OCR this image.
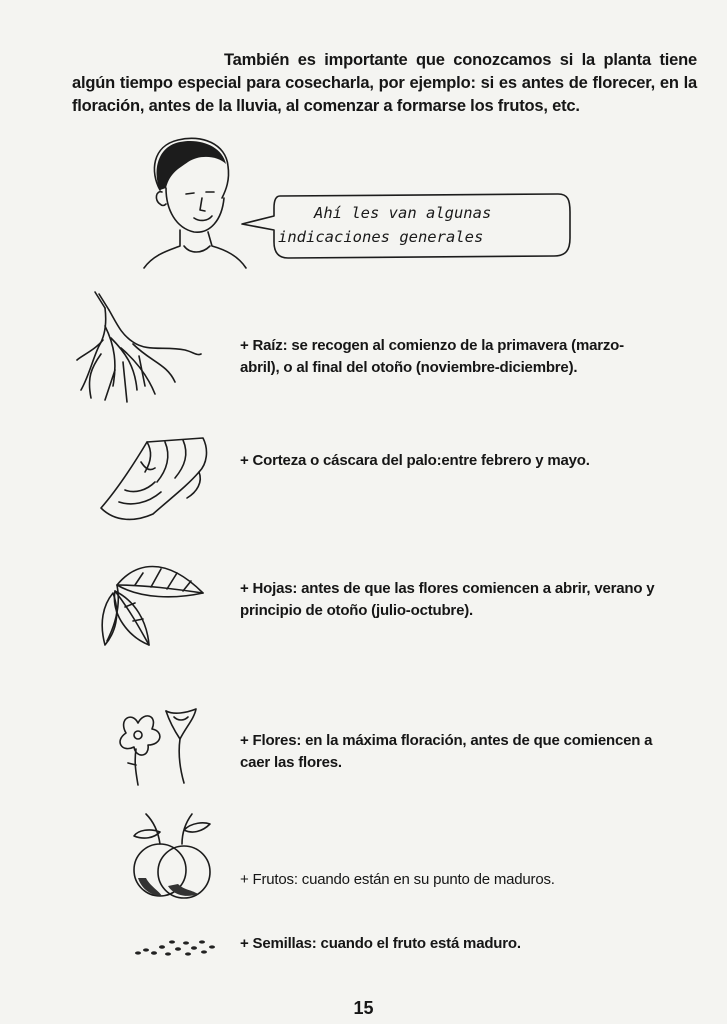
También es importante que conozcamos si la planta tiene algún tiempo especial para cosecharla, por ejemplo: si es antes de florecer, en la floración, antes de la lluvia, al comenzar a formarse los frutos, etc.

Ahí les van algunas
indicaciones generales
+ Raíz: se recogen al comienzo de la primavera (marzo-abril), o al final del otoño (noviembre-diciembre).
+ Corteza o cáscara del palo:entre febrero y mayo.
+ Hojas: antes de que las flores comiencen a abrir, verano y principio de otoño (julio-octubre).
+ Flores: en la máxima floración, antes de que comiencen a caer las flores.
+ Frutos: cuando están en su punto de maduros.
+ Semillas: cuando el fruto está maduro.
15
